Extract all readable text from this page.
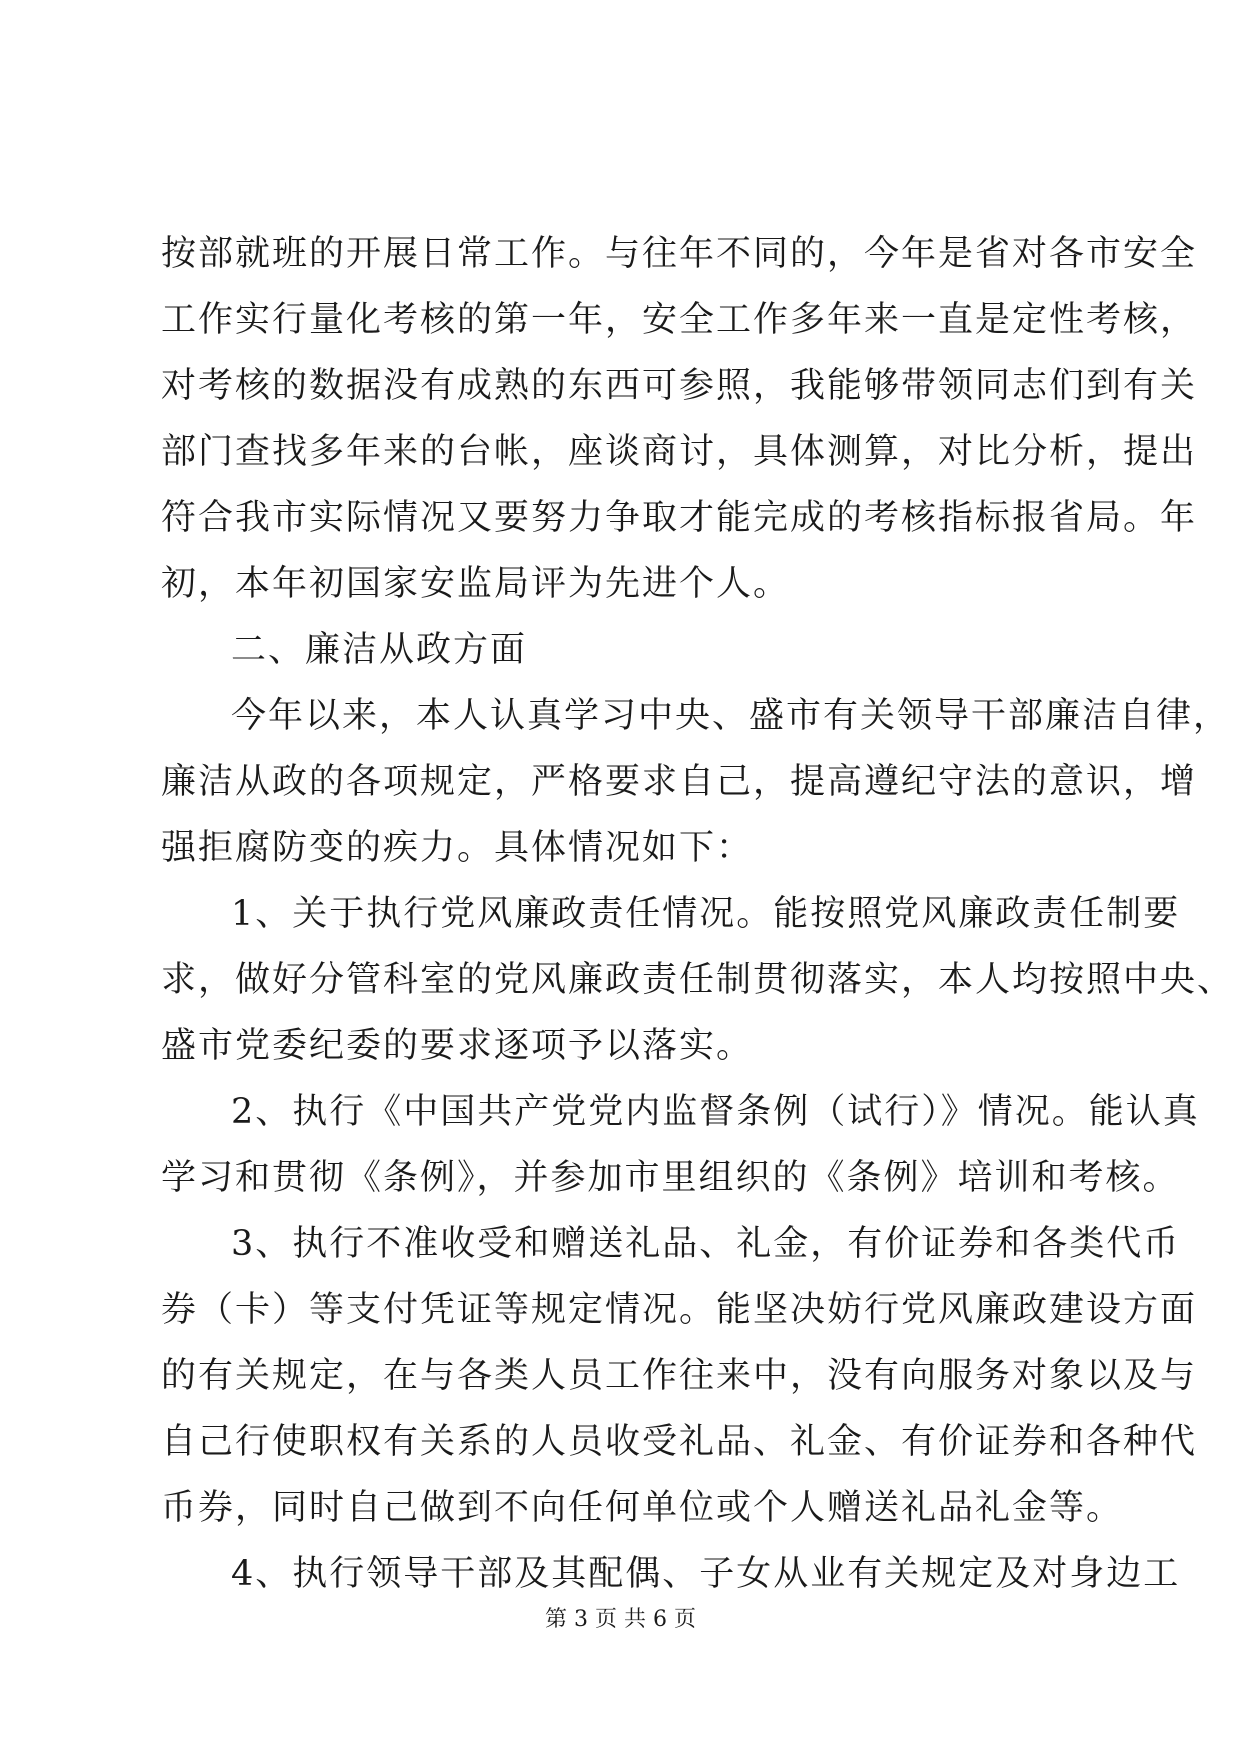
按部就班的开展日常工作。与往年不同的，今年是省对各市安全
工作实行量化考核的第一年，安全工作多年来一直是定性考核，
对考核的数据没有成熟的东西可参照，我能够带领同志们到有关
部门查找多年来的台帐，座谈商讨，具体测算，对比分析，提出
符合我市实际情况又要努力争取才能完成的考核指标报省局。年
初，本年初国家安监局评为先进个人。
二、廉洁从政方面
今年以来，本人认真学习中央、盛市有关领导干部廉洁自律，
廉洁从政的各项规定，严格要求自己，提高遵纪守法的意识，增
强拒腐防变的疾力。具体情况如下：
1、关于执行党风廉政责任情况。能按照党风廉政责任制要
求，做好分管科室的党风廉政责任制贯彻落实，本人均按照中央、
盛市党委纪委的要求逐项予以落实。
2、执行《中国共产党党内监督条例（试行）》情况。能认真
学习和贯彻《条例》，并参加市里组织的《条例》培训和考核。
3、执行不准收受和赠送礼品、礼金，有价证券和各类代币
券（卡）等支付凭证等规定情况。能坚决妨行党风廉政建设方面
的有关规定，在与各类人员工作往来中，没有向服务对象以及与
自己行使职权有关系的人员收受礼品、礼金、有价证券和各种代
币券，同时自己做到不向任何单位或个人赠送礼品礼金等。
4、执行领导干部及其配偶、子女从业有关规定及对身边工
第 3 页 共 6 页
